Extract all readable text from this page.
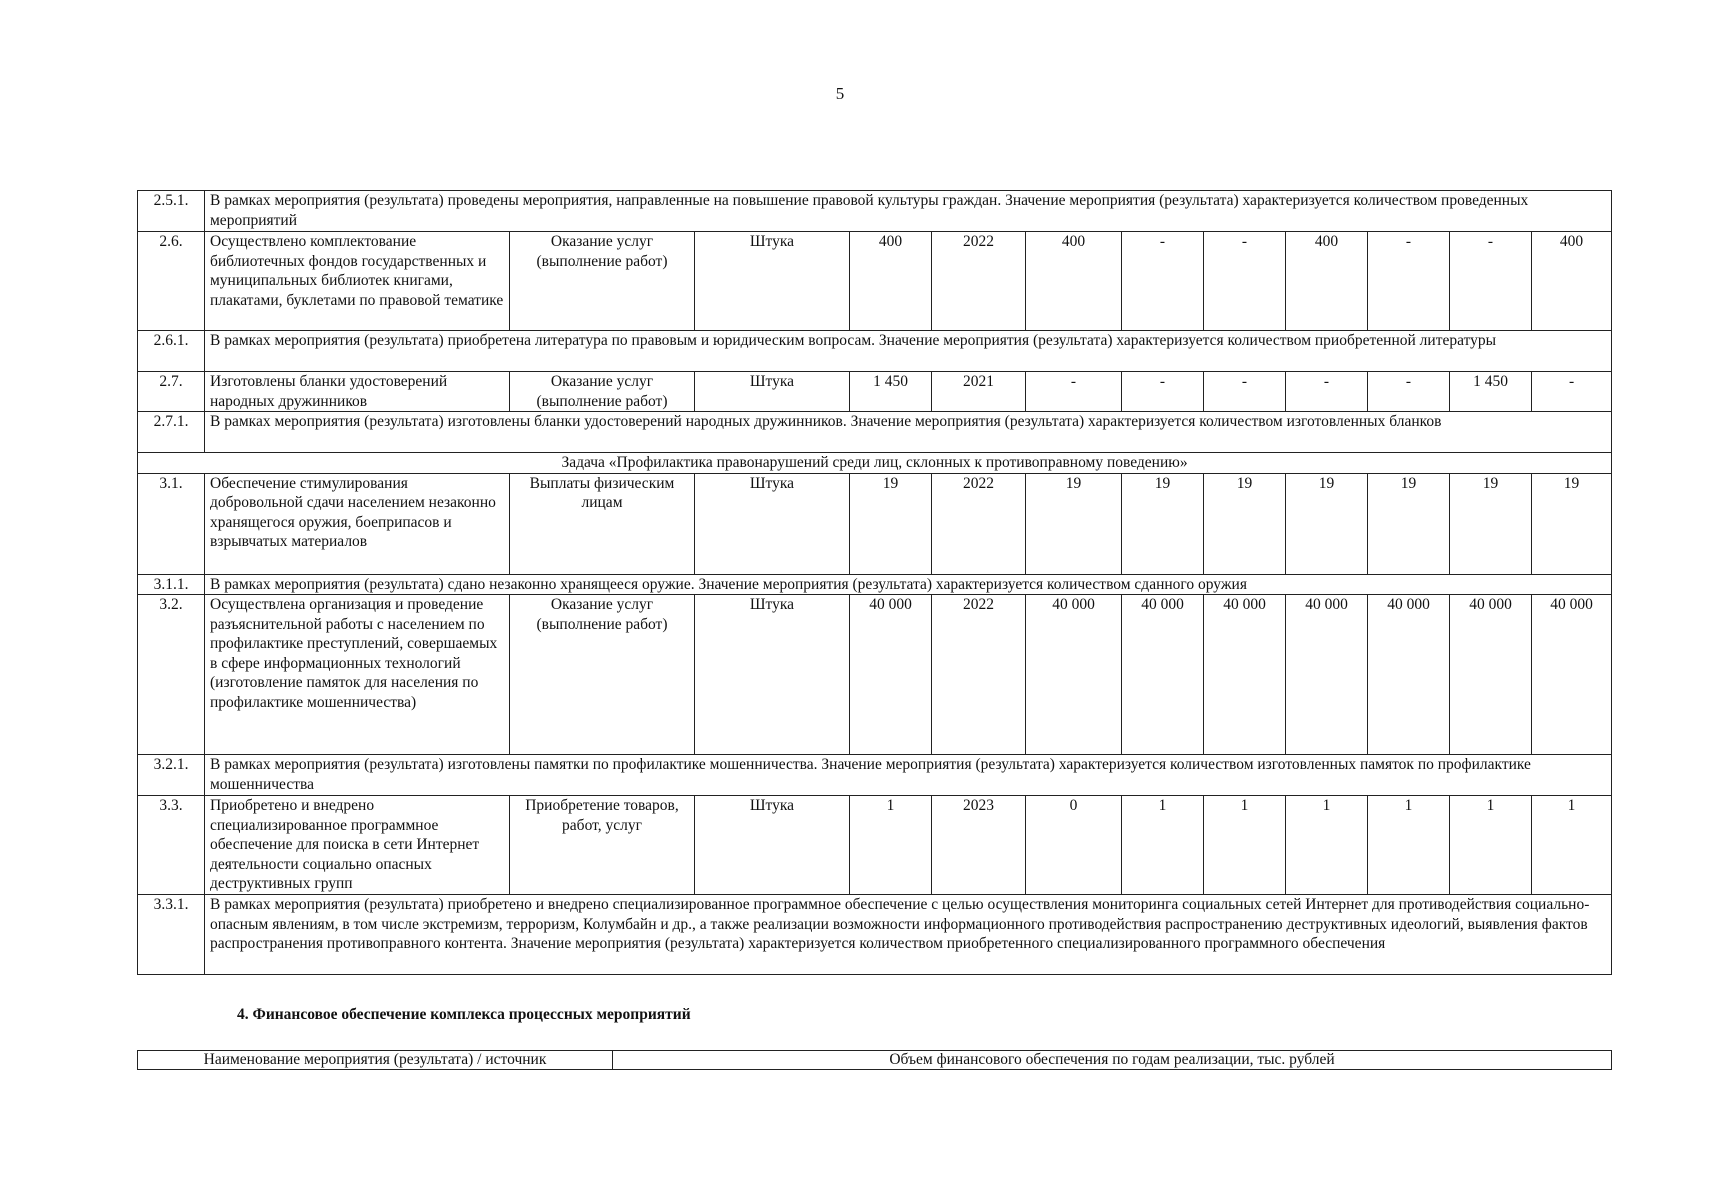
5
2.5.1.	В рамках мероприятия (результата) проведены мероприятия, направленные на повышение правовой культуры граждан. Значение мероприятия (результата) характеризуется количеством проведенных мероприятий											
2.6.	Осуществлено комплектование библиотечных фондов государственных и муниципальных библиотек книгами, плакатами, буклетами по правовой тематике	Оказание услуг (выполнение работ)	Штука	400	2022	400	-	-	400	-	-	400
2.6.1.	В рамках мероприятия (результата) приобретена литература по правовым и юридическим вопросам. Значение мероприятия (результата) характеризуется количеством приобретенной литературы											
2.7.	Изготовлены бланки удостоверений народных дружинников	Оказание услуг (выполнение работ)	Штука	1 450	2021	-	-	-	-	-	1 450	-
2.7.1.	В рамках мероприятия (результата) изготовлены бланки удостоверений народных дружинников. Значение мероприятия (результата) характеризуется количеством изготовленных бланков											
Задача «Профилактика правонарушений среди лиц, склонных к противоправному поведению»												
3.1.	Обеспечение стимулирования добровольной сдачи населением незаконно хранящегося оружия, боеприпасов и взрывчатых материалов	Выплаты физическим лицам	Штука	19	2022	19	19	19	19	19	19	19
3.1.1.	В рамках мероприятия (результата) сдано незаконно хранящееся оружие. Значение мероприятия (результата) характеризуется количеством сданного оружия											
3.2.	Осуществлена организация и проведение разъяснительной работы с населением по профилактике преступлений, совершаемых в сфере информационных технологий (изготовление памяток для населения по профилактике мошенничества)	Оказание услуг (выполнение работ)	Штука	40 000	2022	40 000	40 000	40 000	40 000	40 000	40 000	40 000
3.2.1.	В рамках мероприятия (результата) изготовлены памятки по профилактике мошенничества. Значение мероприятия (результата) характеризуется количеством изготовленных памяток по профилактике мошенничества											
3.3.	Приобретено и внедрено специализированное программное обеспечение для поиска в сети Интернет деятельности социально опасных деструктивных групп	Приобретение товаров, работ, услуг	Штука	1	2023	0	1	1	1	1	1	1
3.3.1.	В рамках мероприятия (результата) приобретено и внедрено специализированное программное обеспечение с целью осуществления мониторинга социальных сетей Интернет для противодействия социально-опасным явлениям, в том числе экстремизм, терроризм, Колумбайн и др., а также реализации возможности информационного противодействия распространению деструктивных идеологий, выявления фактов распространения противоправного контента. Значение мероприятия (результата) характеризуется количеством приобретенного специализированного программного обеспечения											
4. Финансовое обеспечение комплекса процессных мероприятий
Наименование мероприятия (результата) / источник	Объем финансового обеспечения по годам реализации, тыс. рублей
